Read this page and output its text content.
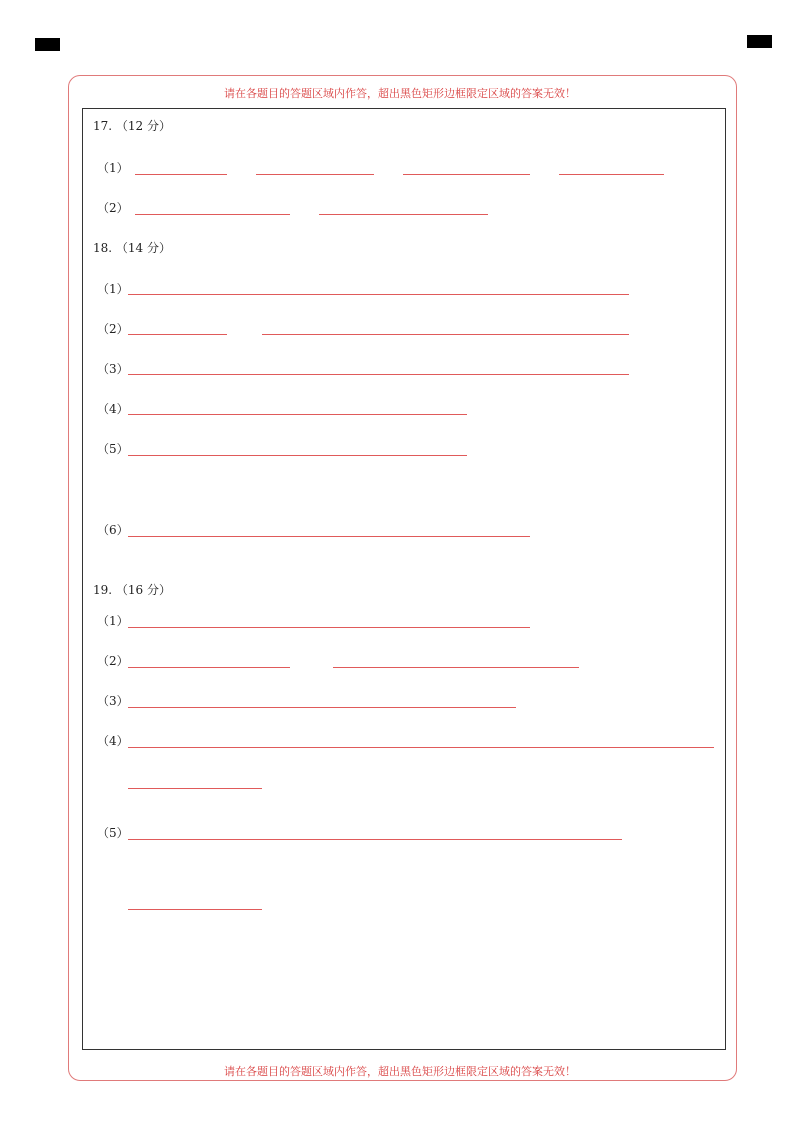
请在各题目的答题区域内作答，超出黑色矩形边框限定区域的答案无效！
请在各题目的答题区域内作答，超出黑色矩形边框限定区域的答案无效！
17. （12 分）
（1）
（2）
18. （14 分）
（1）
（2）
（3）
（4）
（5）
（6）
19. （16 分）
（1）
（2）
（3）
（4）
（5）
